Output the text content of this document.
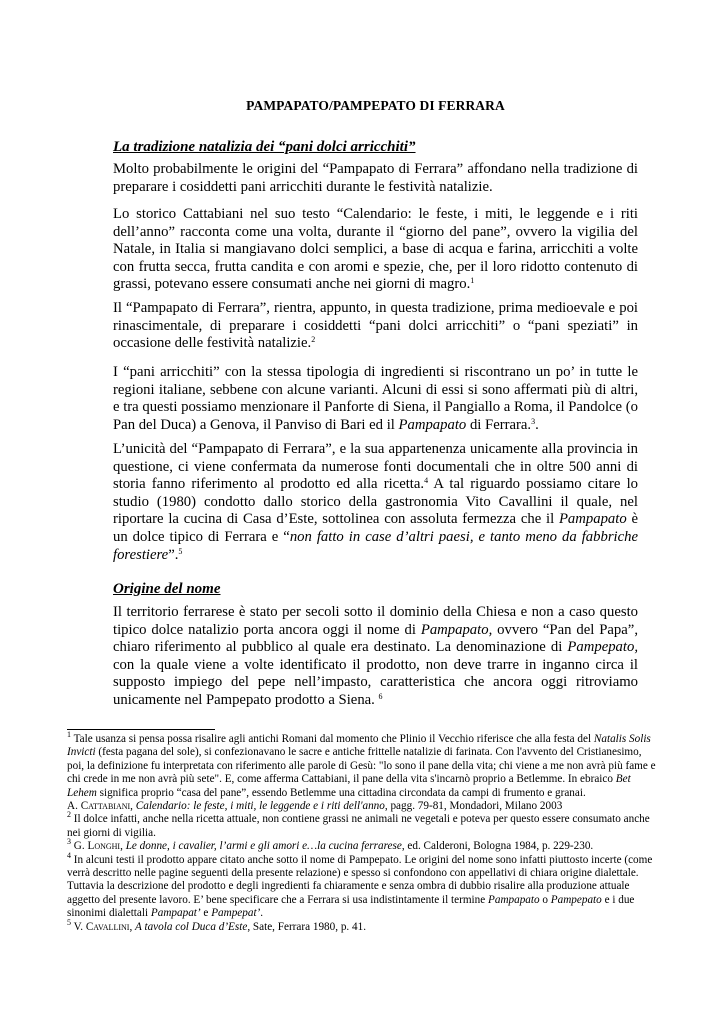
PAMPAPATO/PAMPEPATO DI FERRARA
La tradizione natalizia dei “pani dolci arricchiti”

Molto probabilmente le origini del “Pampapato di Ferrara” affondano nella tradizione di preparare i cosiddetti pani arricchiti durante le festività natalizie.

Lo storico Cattabiani nel suo testo “Calendario: le feste, i miti, le leggende e i riti dell’anno” racconta come una volta, durante il “giorno del pane”, ovvero la vigilia del Natale, in Italia si mangiavano dolci semplici, a base di acqua e farina, arricchiti a volte con frutta secca, frutta candita e con aromi e spezie, che, per il loro ridotto contenuto di grassi, potevano essere consumati anche nei giorni di magro.$^1$

Il “Pampapato di Ferrara”, rientra, appunto, in questa tradizione, prima medioevale e poi rinascimentale, di preparare i cosiddetti “pani dolci arricchiti” o “pani speziati” in occasione delle festività natalizie.$^2$

I “pani arricchiti” con la stessa tipologia di ingredienti si riscontrano un po’ in tutte le regioni italiane, sebbene con alcune varianti. Alcuni di essi si sono affermati più di altri, e tra questi possiamo menzionare il Panforte di Siena, il Pangiallo a Roma, il Pandolce (o Pan del Duca) a Genova, il Panviso di Bari ed il Pampapato di Ferrara.$^3$.

L’unicità del “Pampapato di Ferrara”, e la sua appartenenza unicamente alla provincia in questione, ci viene confermata da numerose fonti documentali che in oltre 500 anni di storia fanno riferimento al prodotto ed alla ricetta.$^4$ A tal riguardo possiamo citare lo studio (1980) condotto dallo storico della gastronomia Vito Cavallini il quale, nel riportare la cucina di Casa d’Este, sottolinea con assoluta fermezza che il Pampapato è un dolce tipico di Ferrara e “non fatto in case d’altri paesi, e tanto meno da fabbriche forestiere”.$^5$

Origine del nome

Il territorio ferrarese è stato per secoli sotto il dominio della Chiesa e non a caso questo tipico dolce natalizio porta ancora oggi il nome di Pampapato, ovvero “Pan del Papa”, chiaro riferimento al pubblico al quale era destinato. La denominazione di Pampepato, con la quale viene a volte identificato il prodotto, non deve trarre in inganno circa il supposto impiego del pepe nell’impasto, caratteristica che ancora oggi ritroviamo unicamente nel Pampepato prodotto a Siena. $^6$

$^1$ Tale usanza si pensa possa risalire agli antichi Romani dal momento che Plinio il Vecchio riferisce che alla festa del Natalis Solis Invicti (festa pagana del sole), si confezionavano le sacre e antiche frittelle natalizie di farinata. Con l'avvento del Cristianesimo, poi, la definizione fu interpretata con riferimento alle parole di Gesù: "lo sono il pane della vita; chi viene a me non avrà più fame e chi crede in me non avrà più sete". E, come afferma Cattabiani, il pane della vita s'incarnò proprio a Betlemme. In ebraico Bet Lehem significa proprio “casa del pane”, essendo Betlemme una cittadina circondata da campi di frumento e granai.

A. Cattabiani, Calendario: le feste, i miti, le leggende e i riti dell'anno, pagg. 79-81, Mondadori, Milano 2003

$^2$ Il dolce infatti, anche nella ricetta attuale, non contiene grassi ne animali ne vegetali e poteva per questo essere consumato anche nei giorni di vigilia.

$^3$ G. Longhi, Le donne, i cavalier, l’armi e gli amori e…la cucina ferrarese, ed. Calderoni, Bologna 1984, p. 229-230.

$^4$ In alcuni testi il prodotto appare citato anche sotto il nome di Pampepato. Le origini del nome sono infatti piuttosto incerte (come verrà descritto nelle pagine seguenti della presente relazione) e spesso si confondono con appellativi di chiara origine dialettale. Tuttavia la descrizione del prodotto e degli ingredienti fa chiaramente e senza ombra di dubbio risalire alla produzione attuale aggetto del presente lavoro. E’ bene specificare che a Ferrara si usa indistintamente il termine Pampapato o Pampepato e i due sinonimi dialettali Pampapat’ e Pampepat’.

$^5$ V. Cavallini, A tavola col Duca d’Este, Sate, Ferrara 1980, p. 41.
